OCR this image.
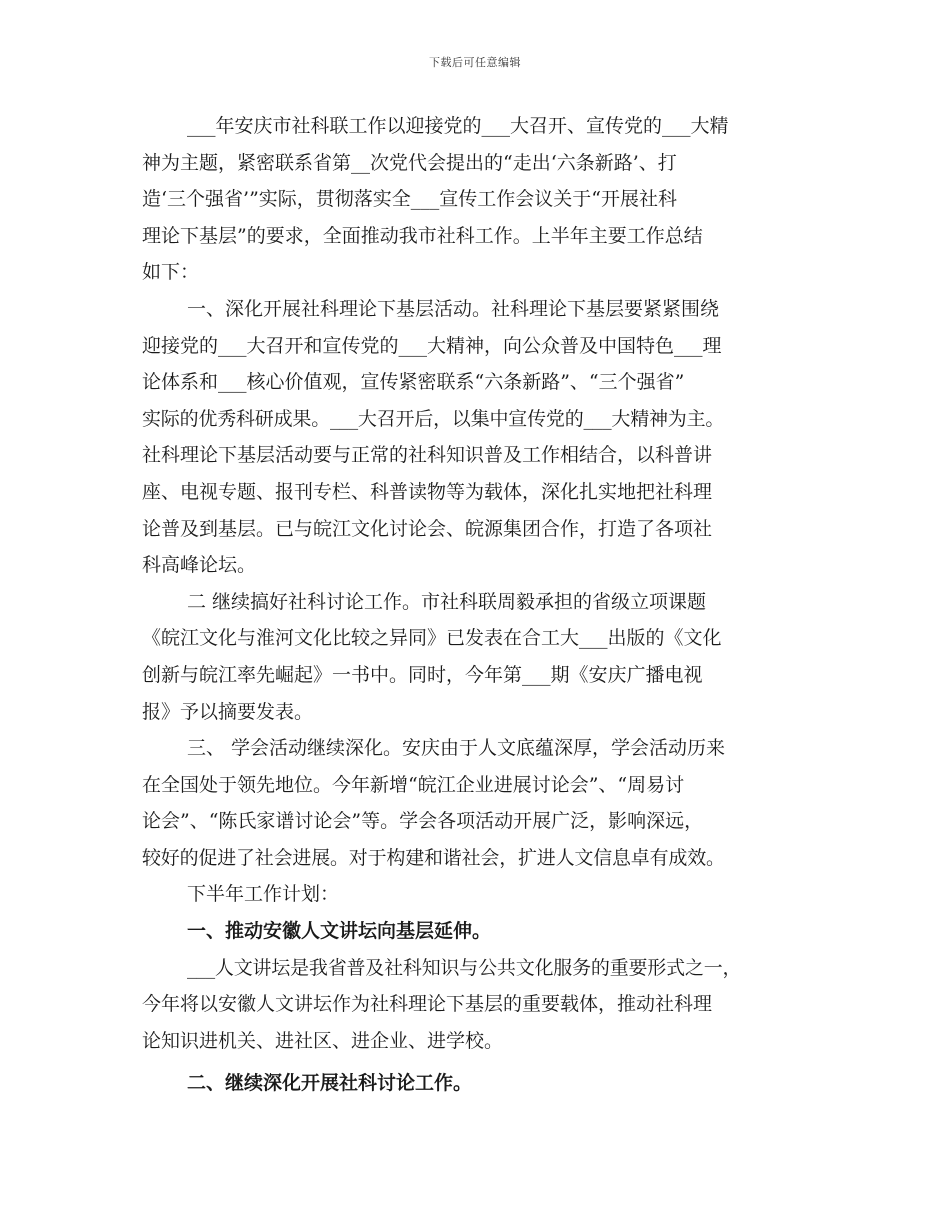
下载后可任意编辑
___年安庆市社科联工作以迎接党的___大召开、宣传党的___大精
神为主题，紧密联系省第__次党代会提出的“走出‘六条新路’、打
造‘三个强省’”实际，贯彻落实全___宣传工作会议关于“开展社科
理论下基层”的要求，全面推动我市社科工作。上半年主要工作总结
如下：
一、深化开展社科理论下基层活动。社科理论下基层要紧紧围绕
迎接党的___大召开和宣传党的___大精神，向公众普及中国特色___理
论体系和___核心价值观，宣传紧密联系“六条新路”、“三个强省”
实际的优秀科研成果。___大召开后，以集中宣传党的___大精神为主。
社科理论下基层活动要与正常的社科知识普及工作相结合，以科普讲
座、电视专题、报刊专栏、科普读物等为载体，深化扎实地把社科理
论普及到基层。已与皖江文化讨论会、皖源集团合作，打造了各项社
科高峰论坛。
二 继续搞好社科讨论工作。市社科联周毅承担的省级立项课题
《皖江文化与淮河文化比较之异同》已发表在合工大___出版的《文化
创新与皖江率先崛起》一书中。同时，今年第___期《安庆广播电视
报》予以摘要发表。
三、 学会活动继续深化。安庆由于人文底蕴深厚，学会活动历来
在全国处于领先地位。今年新增“皖江企业进展讨论会”、“周易讨
论会”、“陈氏家谱讨论会”等。学会各项活动开展广泛，影响深远，
较好的促进了社会进展。对于构建和谐社会，扩进人文信息卓有成效。
下半年工作计划：
一、推动安徽人文讲坛向基层延伸。
___人文讲坛是我省普及社科知识与公共文化服务的重要形式之一，
今年将以安徽人文讲坛作为社科理论下基层的重要载体，推动社科理
论知识进机关、进社区、进企业、进学校。
二、继续深化开展社科讨论工作。
